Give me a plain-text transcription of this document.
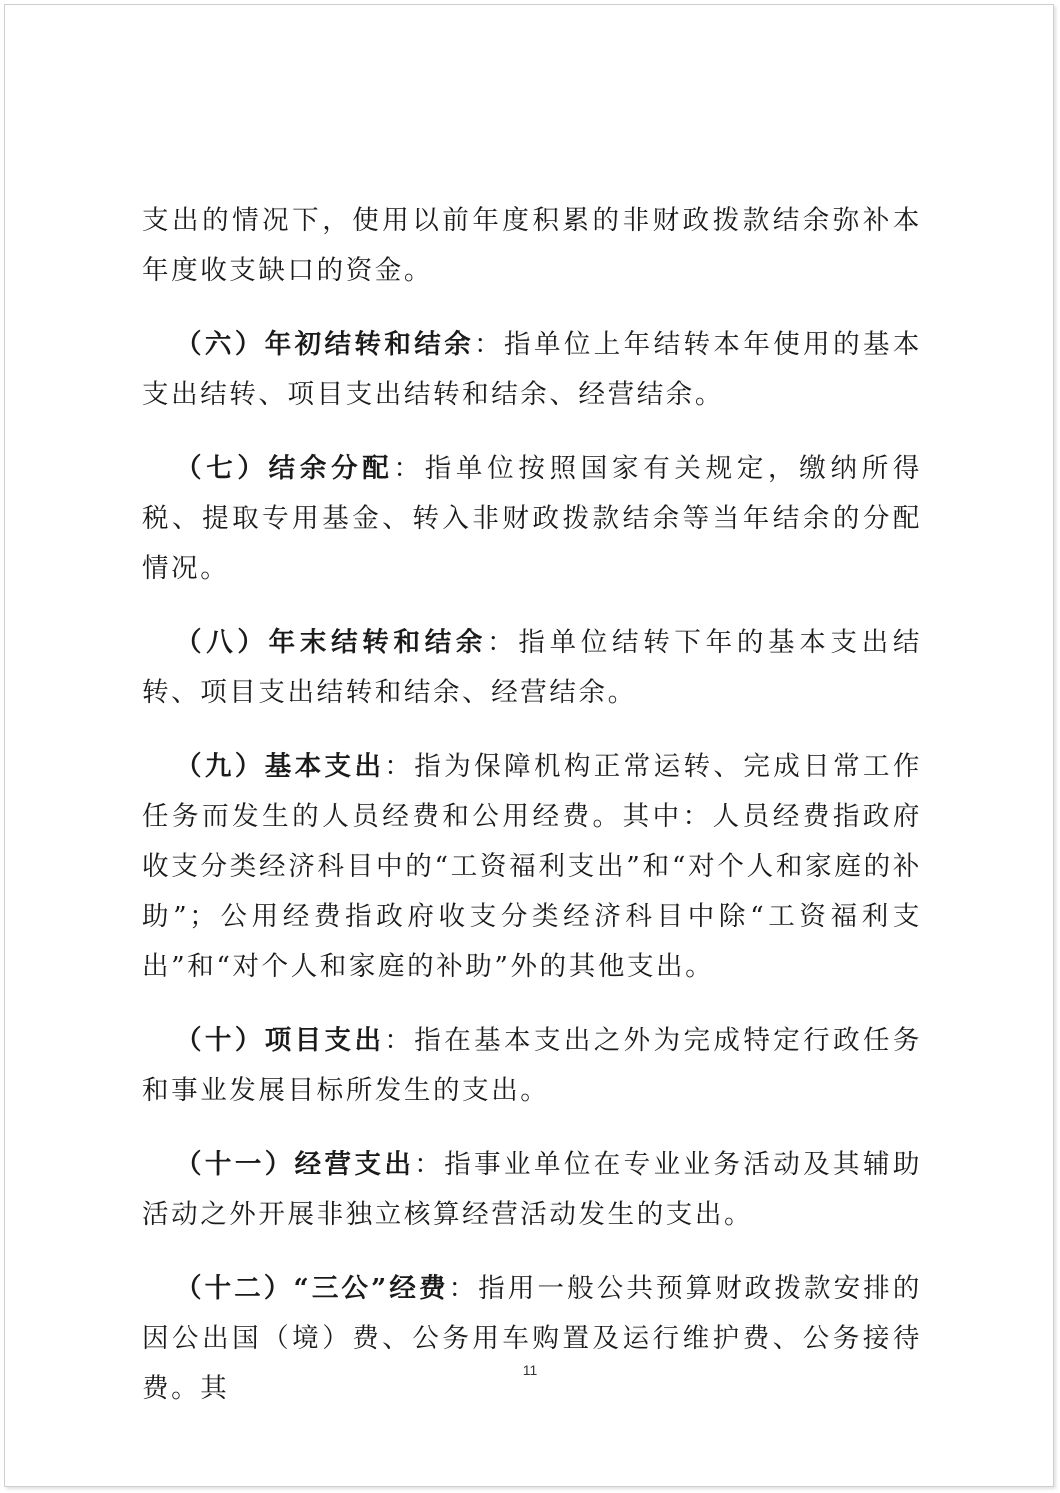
支出的情况下，使用以前年度积累的非财政拨款结余弥补本年度收支缺口的资金。

（六）年初结转和结余：指单位上年结转本年使用的基本支出结转、项目支出结转和结余、经营结余。

（七）结余分配：指单位按照国家有关规定，缴纳所得税、提取专用基金、转入非财政拨款结余等当年结余的分配情况。

（八）年末结转和结余：指单位结转下年的基本支出结转、项目支出结转和结余、经营结余。

（九）基本支出：指为保障机构正常运转、完成日常工作任务而发生的人员经费和公用经费。其中：人员经费指政府收支分类经济科目中的“工资福利支出”和“对个人和家庭的补助”；公用经费指政府收支分类经济科目中除“工资福利支出”和“对个人和家庭的补助”外的其他支出。

（十）项目支出：指在基本支出之外为完成特定行政任务和事业发展目标所发生的支出。

（十一）经营支出：指事业单位在专业业务活动及其辅助活动之外开展非独立核算经营活动发生的支出。

（十二）“三公”经费：指用一般公共预算财政拨款安排的因公出国（境）费、公务用车购置及运行维护费、公务接待费。其

11
